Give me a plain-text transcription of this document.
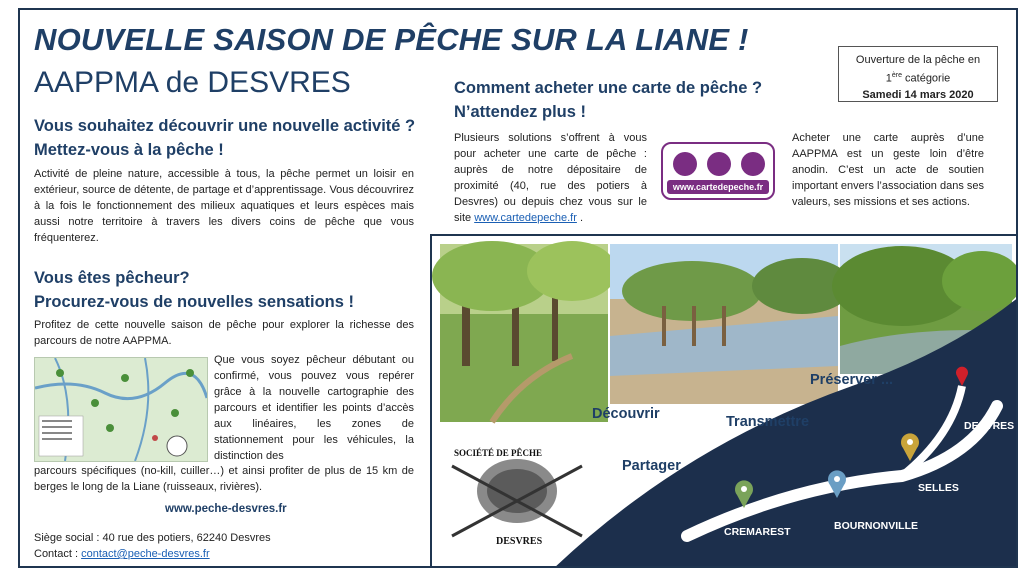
NOUVELLE SAISON DE PÊCHE SUR LA LIANE !
AAPPMA de DESVRES
Ouverture de la pêche en
1ère catégorie
Samedi 14 mars 2020
Vous souhaitez découvrir une nouvelle activité ?
Mettez-vous à la pêche !
Activité de pleine nature, accessible à tous, la pêche permet un loisir en extérieur, source de détente, de partage et d’apprentissage. Vous découvrirez à la fois le fonctionnement des milieux aquatiques et leurs espèces mais aussi notre territoire à travers les divers coins de pêche que vous fréquenterez.
Vous êtes pêcheur?
Procurez-vous de nouvelles sensations !
Profitez de cette nouvelle saison de pêche pour explorer la richesse des parcours de notre AAPPMA.
Que vous soyez pêcheur débutant ou confirmé, vous pouvez vous repérer grâce à la nouvelle cartographie des parcours et identifier les points d’accès aux linéaires, les zones de stationnement pour les véhicules, la distinction des
parcours spécifiques (no-kill, cuiller…) et ainsi profiter de plus de 15 km de berges le long de la Liane (ruisseaux, rivières).
www.peche-desvres.fr
Siège social : 40 rue des potiers, 62240 Desvres
Contact : contact@peche-desvres.fr
Comment acheter une carte de pêche ?
N’attendez plus !
Plusieurs solutions s’offrent à vous pour acheter une carte de pêche : auprès de notre dépositaire de proximité (40, rue des potiers à Desvres) ou depuis chez vous sur le site www.cartedepeche.fr .
www.cartedepeche.fr
Acheter une carte auprès d’une AAPPMA est un geste loin d’être anodin. C’est un acte de soutien important envers l’association dans ses valeurs, ses missions et ses actions.
Préserver ...
Découvrir	Transmettre
Partager
DESVRES
SELLES
BOURNONVILLE
CREMAREST
SOCIÉTÉ DE PÊCHE
DESVRES
